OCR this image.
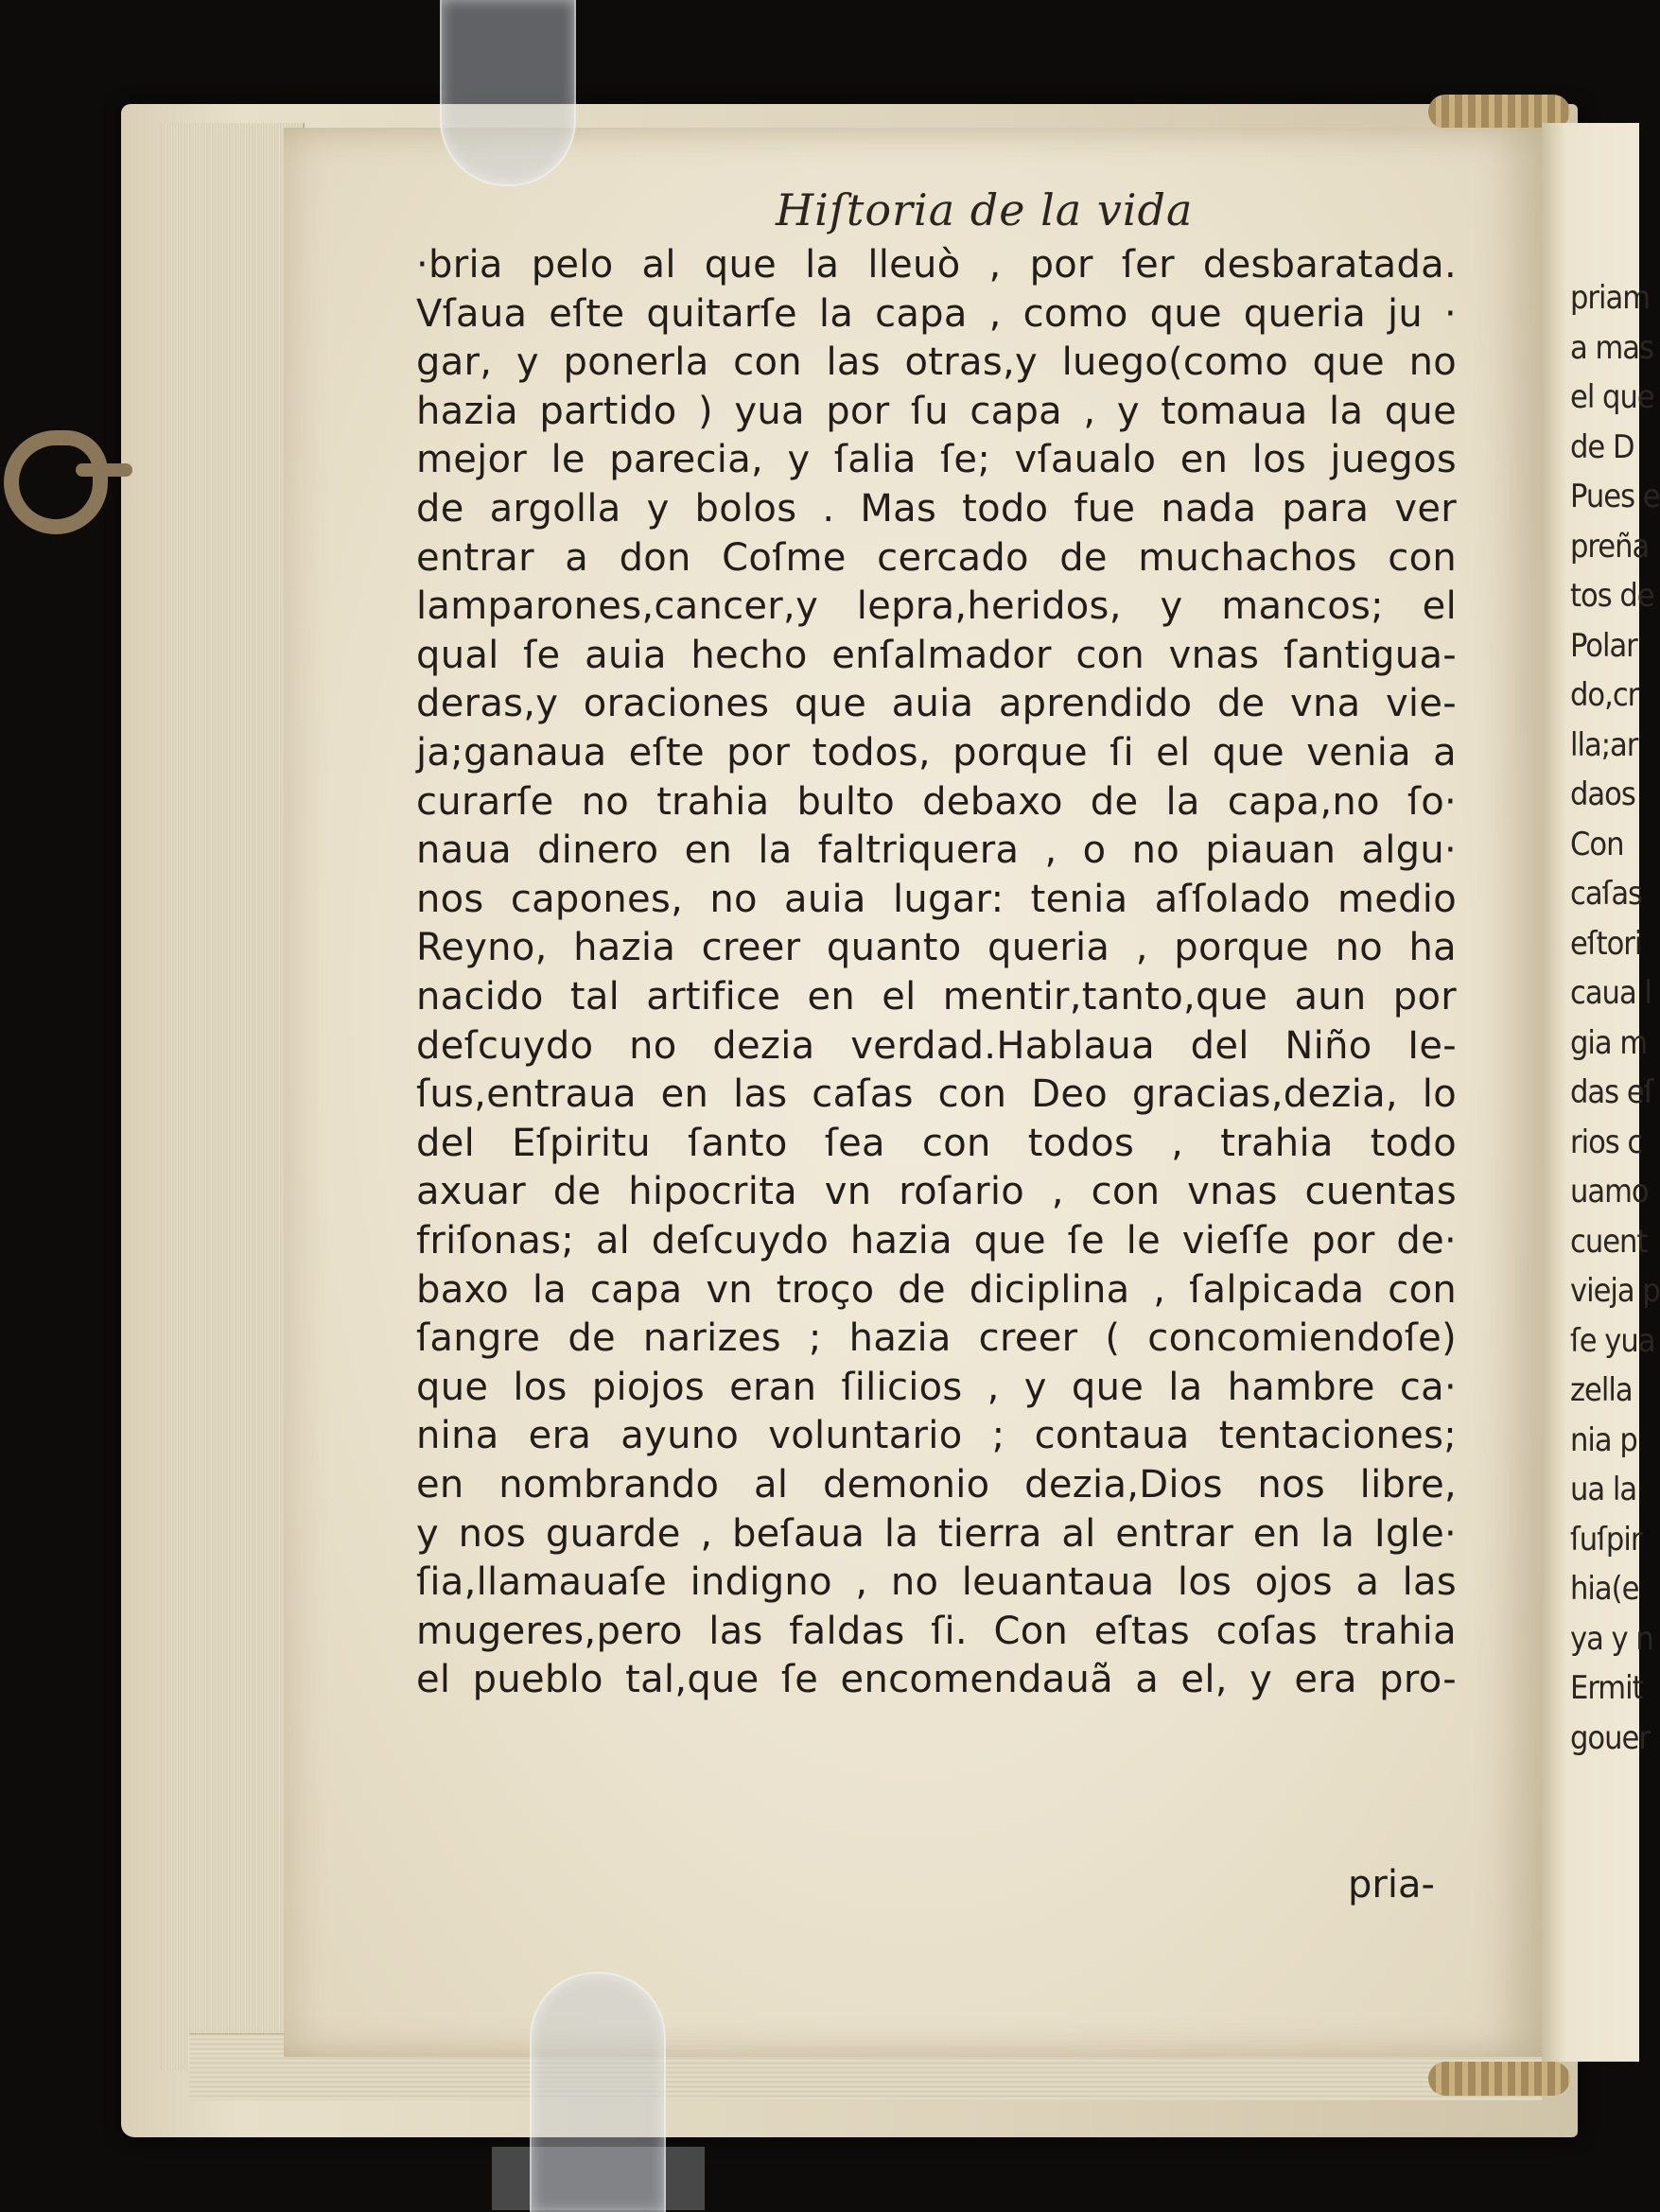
priam
a mas
el que
de D
Pues e
preña
tos de
Polar
do,cr
lla;ar
daos
Con
caſas
eſtori
caua l
gia m
das eſ
rios c
uamo
cuent
vieja p
ſe yua
zella
nia p
ua la
ſuſpir
hia(e
ya y n
Ermit
gouer
Hiſtoria de la vida
·bria pelo al que la lleuò , por ſer desbaratada.
Vſaua eſte quitarſe la capa , como que queria ju ·
gar, y ponerla con las otras,y luego(como que no
hazia partido ) yua por ſu capa , y tomaua la que
mejor le parecia, y ſalia ſe; vſaualo en los juegos
de argolla y bolos . Mas todo fue nada para ver
entrar a don Coſme cercado de muchachos con
lamparones,cancer,y lepra,heridos, y mancos; el
qual ſe auia hecho enſalmador con vnas ſantigua-
deras,y oraciones que auia aprendido de vna vie-
ja;ganaua eſte por todos, porque ſi el que venia a
curarſe no trahia bulto debaxo de la capa,no ſo·
naua dinero en la faltriquera , o no piauan algu·
nos capones, no auia lugar: tenia aſſolado medio
Reyno, hazia creer quanto queria , porque no ha
nacido tal artifice en el mentir,tanto,que aun por
deſcuydo no dezia verdad.Hablaua del Niño Ie-
ſus,entraua en las caſas con Deo gracias,dezia, lo
del Eſpiritu ſanto ſea con todos , trahia todo
axuar de hipocrita vn roſario , con vnas cuentas
friſonas; al deſcuydo hazia que ſe le vieſſe por de·
baxo la capa vn troço de diciplina , ſalpicada con
ſangre de narizes ; hazia creer ( concomiendoſe)
que los piojos eran ſilicios , y que la hambre ca·
nina era ayuno voluntario ; contaua tentaciones;
en nombrando al demonio dezia,Dios nos libre,
y nos guarde , beſaua la tierra al entrar en la Igle·
ſia,llamauaſe indigno , no leuantaua los ojos a las
mugeres,pero las faldas ſi. Con eſtas coſas trahia
el pueblo tal,que ſe encomendauã a el, y era pro-
pria-
